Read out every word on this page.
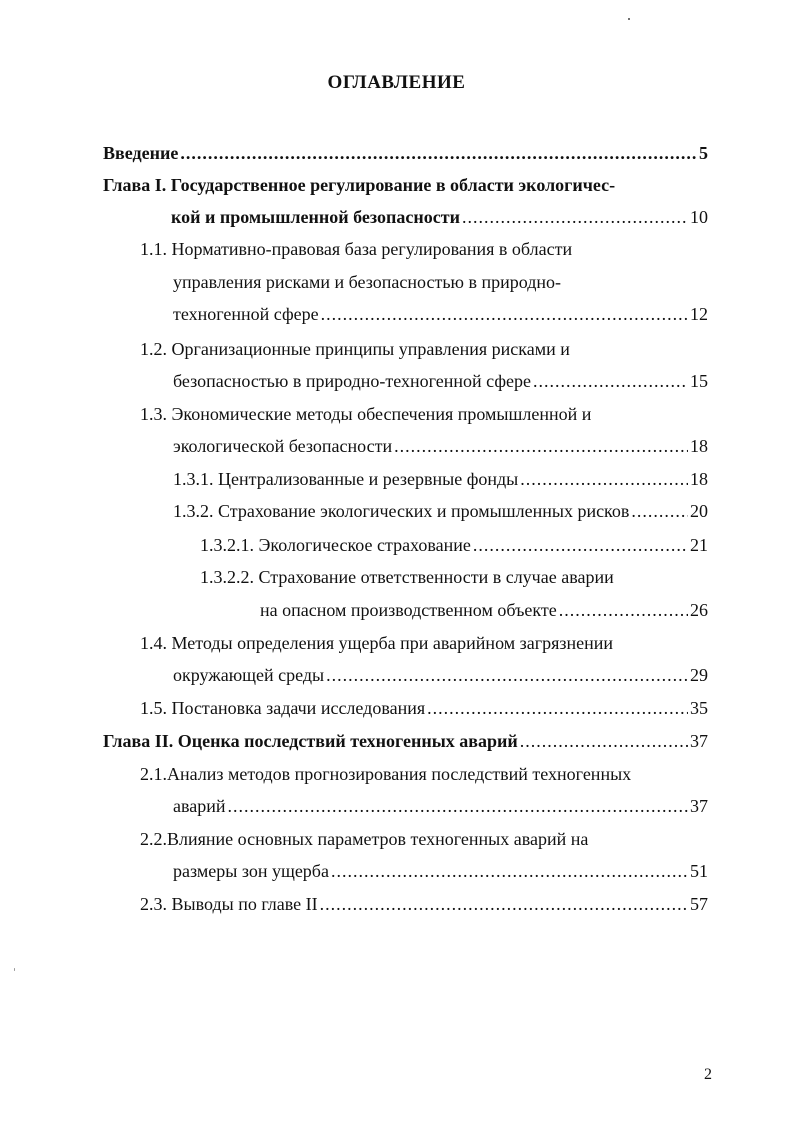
ОГЛАВЛЕНИЕ
Введение .....	5
Глава I. Государственное регулирование в области экологичес-
кой и промышленной безопасности .....	10
1.1. Нормативно-правовая база регулирования в области
управления рисками и безопасностью в природно-
техногенной сфере .....	12
1.2. Организационные принципы управления рисками и
безопасностью в природно-техногенной сфере .....	15
1.3. Экономические методы обеспечения промышленной и
экологической безопасности .....	18
1.3.1. Централизованные и резервные фонды .....	18
1.3.2. Страхование экологических и промышленных рисков .....	20
1.3.2.1. Экологическое страхование .....	21
1.3.2.2. Страхование ответственности в случае аварии
на опасном производственном объекте .....	26
1.4. Методы определения ущерба при аварийном загрязнении
окружающей среды .....	29
1.5. Постановка задачи исследования .....	35
Глава II. Оценка последствий техногенных аварий .....	37
2.1.Анализ методов прогнозирования последствий техногенных
аварий .....	37
2.2.Влияние основных параметров техногенных аварий на
размеры зон ущерба .....	51
2.3. Выводы по главе II .....	57
2
